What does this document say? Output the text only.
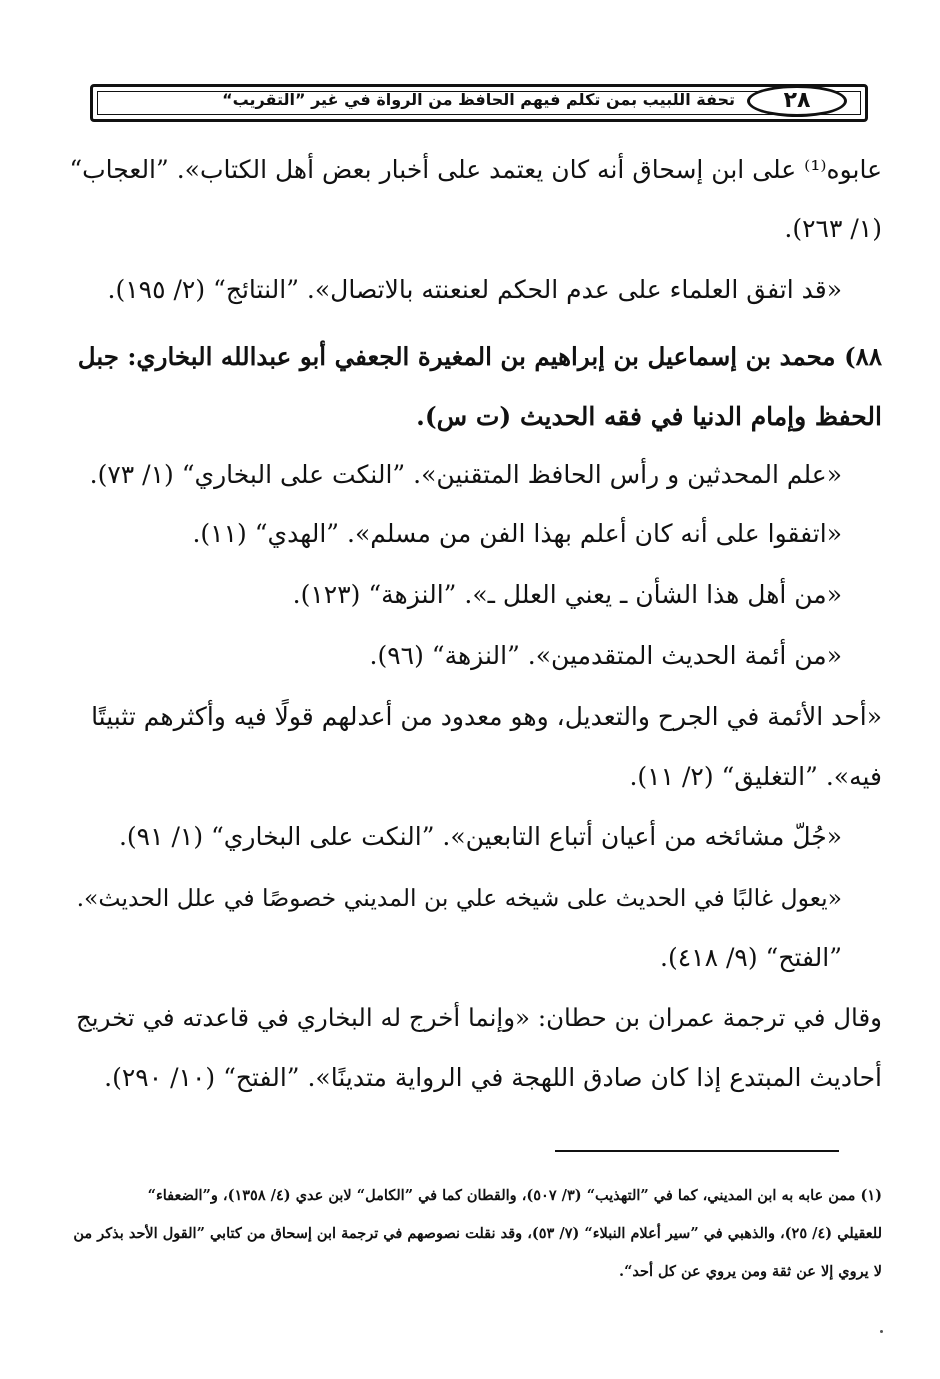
تحفة اللبيب بمن تكلم فيهم الحافظ من الرواة في غير ”التقريب“	٢٨
عابوه⁽¹⁾ على ابن إسحاق أنه كان يعتمد على أخبار بعض أهل الكتاب». ”العجاب“
(١/ ٢٦٣).
«قد اتفق العلماء على عدم الحكم لعنعنته بالاتصال». ”النتائج“ (٢/ ١٩٥).
٨٨) محمد بن إسماعيل بن إبراهيم بن المغيرة الجعفي أبو عبدالله البخاري: جبل
الحفظ وإمام الدنيا في فقه الحديث (ت س).
«علم المحدثين و رأس الحافظ المتقنين». ”النكت على البخاري“ (١/ ٧٣).
«اتفقوا على أنه كان أعلم بهذا الفن من مسلم». ”الهدي“ (١١).
«من أهل هذا الشأن ـ يعني العلل ـ». ”النزهة“ (١٢٣).
«من أئمة الحديث المتقدمين». ”النزهة“ (٩٦).
«أحد الأئمة في الجرح والتعديل، وهو معدود من أعدلهم قولًا فيه وأكثرهم تثبيتًا
فيه». ”التغليق“ (٢/ ١١).
«جُلّ مشائخه من أعيان أتباع التابعين». ”النكت على البخاري“ (١/ ٩١).
«يعول غالبًا في الحديث على شيخه علي بن المديني خصوصًا في علل الحديث».
”الفتح“ (٩/ ٤١٨).
وقال في ترجمة عمران بن حطان: «وإنما أخرج له البخاري في قاعدته في تخريج
أحاديث المبتدع إذا كان صادق اللهجة في الرواية متدينًا». ”الفتح“ (١٠/ ٢٩٠).
(١) ممن عابه به ابن المديني، كما في ”التهذيب“ (٣/ ٥٠٧)، والقطان كما في ”الكامل“ لابن عدي (٤/ ١٣٥٨)، و”الضعفاء“
للعقيلي (٤/ ٢٥)، والذهبي في ”سير أعلام النبلاء“ (٧/ ٥٣)، وقد نقلت نصوصهم في ترجمة ابن إسحاق من كتابي ”القول الأحد بذكر من
لا يروي إلا عن ثقة ومن يروي عن كل أحد“.
